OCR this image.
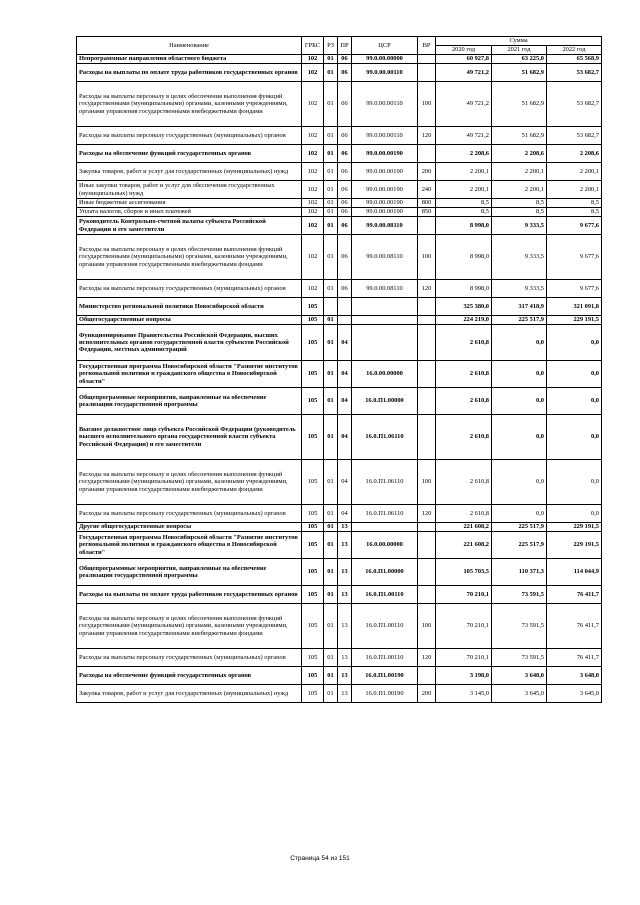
Наименование	ГРБС	РЗ	ПР	ЦСР	ВР	Сумма		
						2020 год	2021 год	2022 год
Непрограммные направления областного бюджета	102	01	06	99.0.00.00000		60 927,8	63 225,0	65 568,9
Расходы на выплаты по оплате труда работников государственных органов	102	01	06	99.0.00.00110		49 721,2	51 682,9	53 682,7
Расходы на выплаты персоналу в целях обеспечения выполнения функций государственными (муниципальными) органами, казенными учреждениями, органами управления государственными внебюджетными фондами	102	01	06	99.0.00.00110	100	49 721,2	51 682,9	53 682,7
Расходы на выплаты персоналу государственных (муниципальных) органов	102	01	06	99.0.00.00110	120	49 721,2	51 682,9	53 682,7
Расходы на обеспечение функций государственных органов	102	01	06	99.0.00.00190		2 208,6	2 208,6	2 208,6
Закупка товаров, работ и услуг для государственных (муниципальных) нужд	102	01	06	99.0.00.00190	200	2 200,1	2 200,1	2 200,1
Иные закупки товаров, работ и услуг для обеспечения государственных (муниципальных) нужд	102	01	06	99.0.00.00190	240	2 200,1	2 200,1	2 200,1
Иные бюджетные ассигнования	102	01	06	99.0.00.00190	800	8,5	8,5	8,5
Уплата налогов, сборов и иных платежей	102	01	06	99.0.00.00190	850	8,5	8,5	8,5
Руководитель Контрольно-счетной палаты субъекта Российской Федерации и его заместители	102	01	06	99.0.00.08110		8 998,0	9 333,5	9 677,6
Расходы на выплаты персоналу в целях обеспечения выполнения функций государственными (муниципальными) органами, казенными учреждениями, органами управления государственными внебюджетными фондами	102	01	06	99.0.00.08110	100	8 998,0	9 333,5	9 677,6
Расходы на выплаты персоналу государственных (муниципальных) органов	102	01	06	99.0.00.08110	120	8 998,0	9 333,5	9 677,6
Министерство региональной политики Новосибирской области	105					325 380,0	317 418,9	321 091,8
Общегосударственные вопросы	105	01				224 219,0	225 517,9	229 191,5
Функционирование Правительства Российской Федерации, высших исполнительных органов государственной власти субъектов Российской Федерации, местных администраций	105	01	04			2 610,8	0,0	0,0
Государственная программа Новосибирской области "Развитие институтов региональной политики и гражданского общества в Новосибирской области"	105	01	04	16.0.00.00000		2 610,8	0,0	0,0
Общепрограммные мероприятия, направленные на обеспечение реализации государственной программы	105	01	04	16.0.П1.00000		2 610,8	0,0	0,0
Высшее должностное лицо субъекта Российской Федерации (руководитель высшего исполнительного органа государственной власти субъекта Российской Федерации) и его заместители	105	01	04	16.0.П1.06110		2 610,8	0,0	0,0
Расходы на выплаты персоналу в целях обеспечения выполнения функций государственными (муниципальными) органами, казенными учреждениями, органами управления государственными внебюджетными фондами	105	01	04	16.0.П1.06110	100	2 610,8	0,0	0,0
Расходы на выплаты персоналу государственных (муниципальных) органов	105	01	04	16.0.П1.06110	120	2 610,8	0,0	0,0
Другие общегосударственные вопросы	105	01	13			221 608,2	225 517,9	229 191,5
Государственная программа Новосибирской области "Развитие институтов региональной политики и гражданского общества в Новосибирской области"	105	01	13	16.0.00.00000		221 608,2	225 517,9	229 191,5
Общепрограммные мероприятия, направленные на обеспечение реализации государственной программы	105	01	13	16.0.П1.00000		105 703,5	110 371,3	114 044,9
Расходы на выплаты по оплате труда работников государственных органов	105	01	13	16.0.П1.00110		70 210,1	73 591,5	76 411,7
Расходы на выплаты персоналу в целях обеспечения выполнения функций государственными (муниципальными) органами, казенными учреждениями, органами управления государственными внебюджетными фондами	105	01	13	16.0.П1.00110	100	70 210,1	73 591,5	76 411,7
Расходы на выплаты персоналу государственных (муниципальных) органов	105	01	13	16.0.П1.00110	120	70 210,1	73 591,5	76 411,7
Расходы на обеспечение функций государственных органов	105	01	13	16.0.П1.00190		3 198,0	3 648,0	3 648,0
Закупка товаров, работ и услуг для государственных (муниципальных) нужд	105	01	13	16.0.П1.00190	200	3 145,0	3 645,0	3 645,0
Страница 54 из 151
